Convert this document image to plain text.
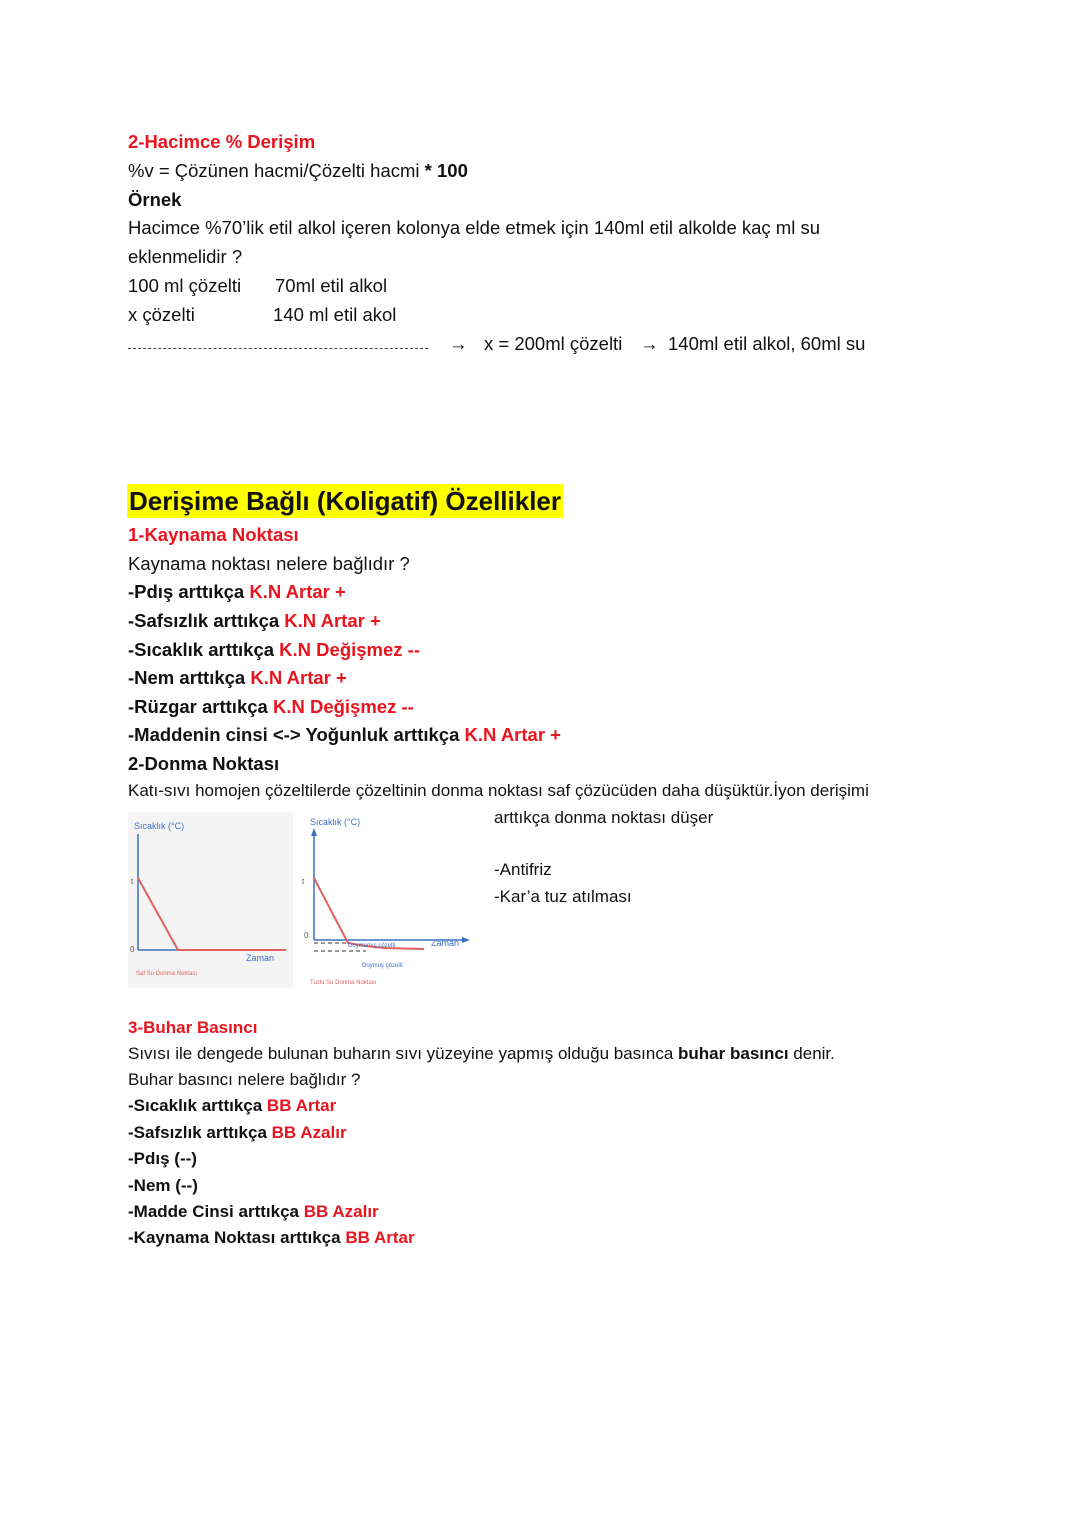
2-Hacimce % Derişim
%v = Çözünen hacmi/Çözelti hacmi * 100
Örnek
Hacimce %70’lik etil alkol içeren kolonya elde etmek için 140ml etil alkolde kaç ml su
eklenmelidir ?
100 ml çözelti 70ml etil alkol
x çözelti	140 ml etil akol
→ x = 200ml çözelti → 140ml etil alkol, 60ml su
Derişime Bağlı (Koligatif) Özellikler
1-Kaynama Noktası
Kaynama noktası nelere bağlıdır ?
-Pdış arttıkça K.N Artar +
-Safsızlık arttıkça K.N Artar +
-Sıcaklık arttıkça K.N Değişmez --
-Nem arttıkça K.N Artar +
-Rüzgar arttıkça K.N Değişmez --
-Maddenin cinsi <-> Yoğunluk arttıkça K.N Artar +
2-Donma Noktası
Katı-sıvı homojen çözeltilerde çözeltinin donma noktası saf çözücüden daha düşüktür.İyon derişimi
arttıkça donma noktası düşer
-Antifriz
-Kar’a tuz atılması
Sıcaklık (°C)
Zaman
t
0
Saf Su Donma Noktası
Sıcaklık (°C)
Zaman
Doymamış çözelti
Doymuş çözelti
t
0
Tuzlu Su Donma Noktası
3-Buhar Basıncı
Sıvısı ile dengede bulunan buharın sıvı yüzeyine yapmış olduğu basınca buhar basıncı denir.
Buhar basıncı nelere bağlıdır ?
-Sıcaklık arttıkça BB Artar
-Safsızlık arttıkça BB Azalır
-Pdış (--)
-Nem (--)
-Madde Cinsi arttıkça BB Azalır
-Kaynama Noktası arttıkça BB Artar
